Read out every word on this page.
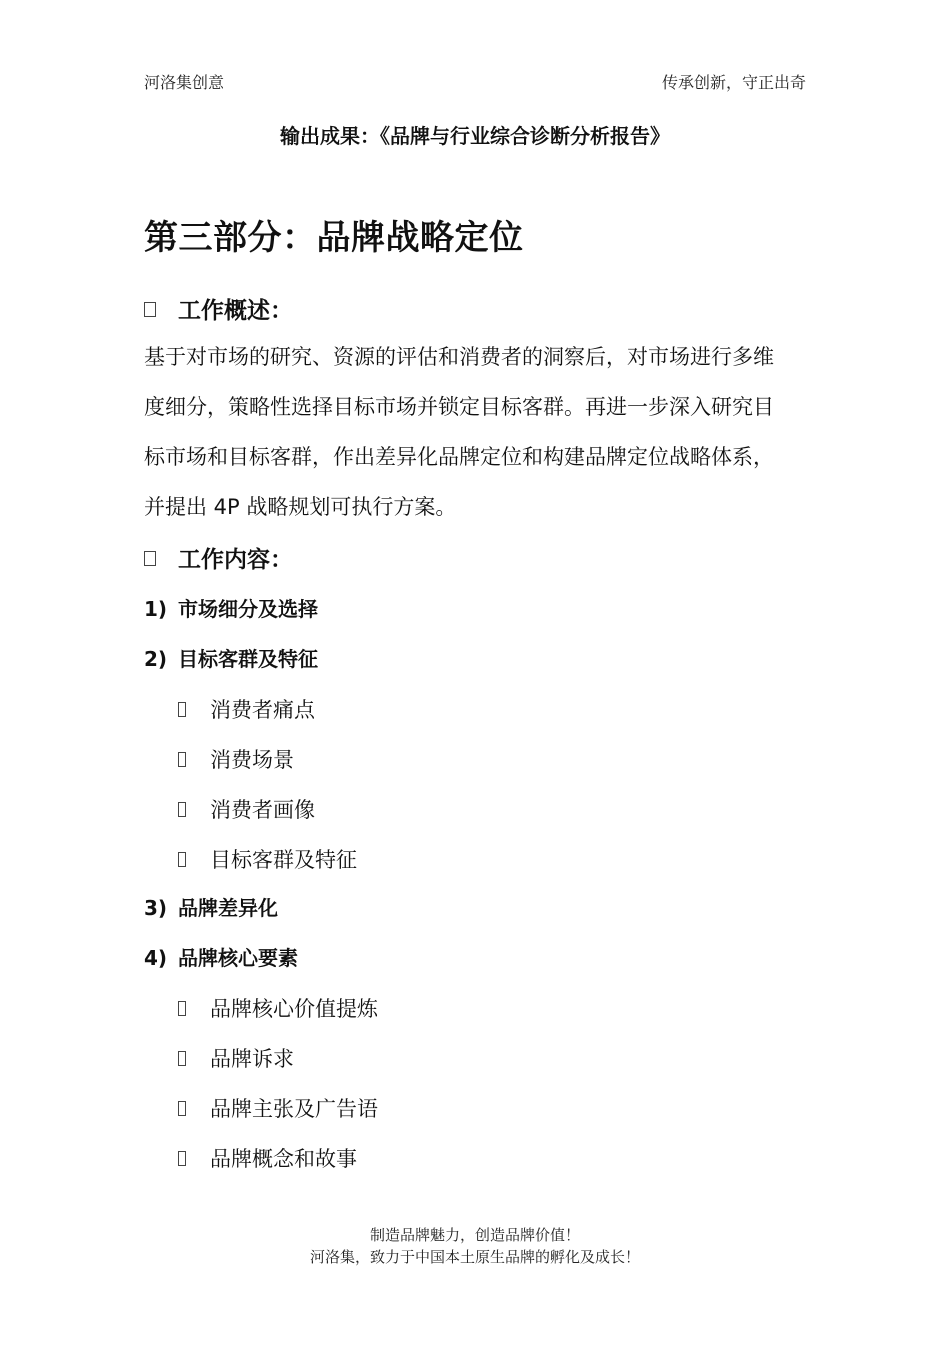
河洛集创意	传承创新，守正出奇
输出成果：《品牌与行业综合诊断分析报告》
第三部分：品牌战略定位
工作概述：

基于对市场的研究、资源的评估和消费者的洞察后，对市场进行多维

度细分，策略性选择目标市场并锁定目标客群。再进一步深入研究目

标市场和目标客群，作出差异化品牌定位和构建品牌定位战略体系，

并提出 4P 战略规划可执行方案。

工作内容：
1) 市场细分及选择
2) 目标客群及特征
消费者痛点
消费场景
消费者画像
目标客群及特征
3) 品牌差异化
4) 品牌核心要素
品牌核心价值提炼
品牌诉求
品牌主张及广告语
品牌概念和故事
制造品牌魅力，创造品牌价值！
河洛集，致力于中国本土原生品牌的孵化及成长！
